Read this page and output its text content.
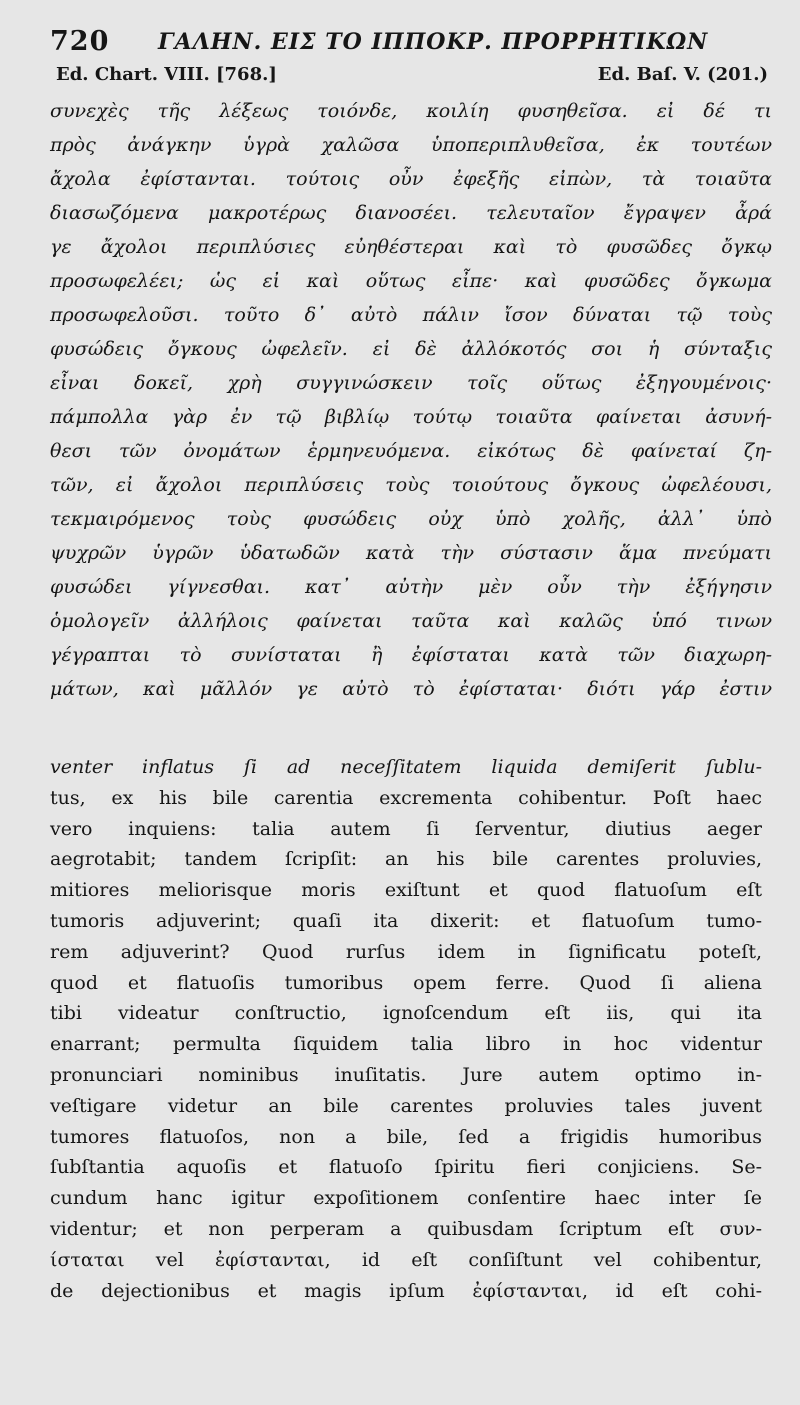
720 ΓΑΛΗΝ. ΕΙΣ ΤΟ ΙΠΠΟΚΡ. ΠΡΟΡΡΗΤΙΚΩΝ
Ed. Chart. VIII. [768.]	Ed. Baſ. V. (201.)
συνεχὲς τῆς λέξεως τοιόνδε, κοιλίη φυσηθεῖσα. εἰ δέ τι
πρὸς ἀνάγκην ὑγρὰ χαλῶσα ὑποπεριπλυθεῖσα, ἐκ τουτέων
ἄχολα ἐφίστανται. τούτοις οὖν ἐφεξῆς εἰπὼν, τὰ τοιαῦτα
διασωζόμενα μακροτέρως διανοσέει. τελευταῖον ἔγραψεν ἆρά
γε ἄχολοι περιπλύσιες εὐηθέστεραι καὶ τὸ φυσῶδες ὄγκῳ
προσωφελέει; ὡς εἰ καὶ οὕτως εἶπε· καὶ φυσῶδες ὄγκωμα
προσωφελοῦσι. τοῦτο δ᾽ αὐτὸ πάλιν ἴσον δύναται τῷ τοὺς
φυσώδεις ὄγκους ὠφελεῖν. εἰ δὲ ἀλλόκοτός σοι ἡ σύνταξις
εἶναι δοκεῖ, χρὴ συγγινώσκειν τοῖς οὕτως ἐξηγουμένοις·
πάμπολλα γὰρ ἐν τῷ βιβλίῳ τούτῳ τοιαῦτα φαίνεται ἀσυνή-
θεσι τῶν ὀνομάτων ἑρμηνευόμενα. εἰκότως δὲ φαίνεταί ζη-
τῶν, εἰ ἄχολοι περιπλύσεις τοὺς τοιούτους ὄγκους ὠφελέουσι,
τεκμαιρόμενος τοὺς φυσώδεις οὐχ ὑπὸ χολῆς, ἀλλ᾽ ὑπὸ
ψυχρῶν ὑγρῶν ὑδατωδῶν κατὰ τὴν σύστασιν ἅμα πνεύματι
φυσώδει γίγνεσθαι. κατ᾽ αὐτὴν μὲν οὖν τὴν ἐξήγησιν
ὁμολογεῖν ἀλλήλοις φαίνεται ταῦτα καὶ καλῶς ὑπό τινων
γέγραπται τὸ συνίσταται ἢ ἐφίσταται κατὰ τῶν διαχωρη-
μάτων, καὶ μᾶλλόν γε αὐτὸ τὸ ἐφίσταται· διότι γάρ ἐστιν
venter inflatus ſi ad neceſſitatem liquida demiſerit ſublu-
tus, ex his bile carentia excrementa cohibentur. Poſt haec
vero inquiens: talia autem ſi ſerventur, diutius aeger
aegrotabit; tandem ſcripſit: an his bile carentes proluvies,
mitiores meliorisque moris exiſtunt et quod flatuoſum eſt
tumoris adjuverint; quaſi ita dixerit: et flatuoſum tumo-
rem adjuverint? Quod rurſus idem in ſignificatu poteſt,
quod et flatuoſis tumoribus opem ferre. Quod ſi aliena
tibi videatur conſtructio, ignoſcendum eſt iis, qui ita
enarrant; permulta ſiquidem talia libro in hoc videntur
pronunciari nominibus inuſitatis. Jure autem optimo in-
veſtigare videtur an bile carentes proluvies tales juvent
tumores flatuoſos, non a bile, ſed a frigidis humoribus
ſubſtantia aquoſis et flatuoſo ſpiritu fieri conjiciens. Se-
cundum hanc igitur expoſitionem conſentire haec inter ſe
videntur; et non perperam a quibusdam ſcriptum eſt συν-
ίσταται vel ἐφίστανται, id eſt conſiſtunt vel cohibentur,
de dejectionibus et magis ipſum ἐφίστανται, id eſt cohi-
